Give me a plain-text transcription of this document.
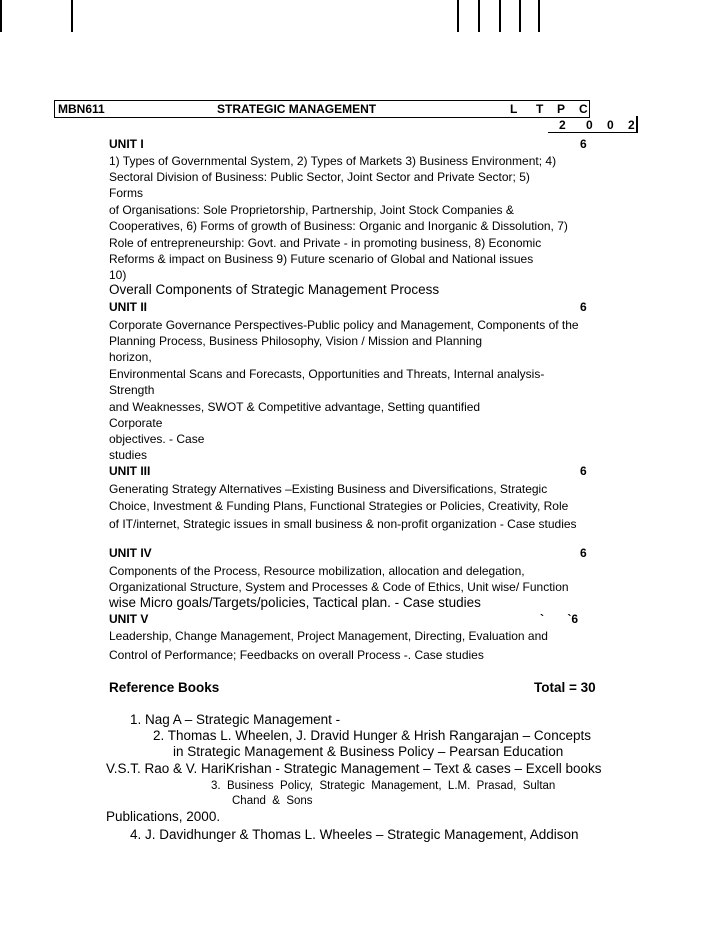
MBN611	STRATEGIC MANAGEMENT	L T P C
2 0 0 2
UNIT I	6
1) Types of Governmental System, 2) Types of Markets 3) Business Environment; 4)
Sectoral Division of Business: Public Sector, Joint Sector and Private Sector; 5)
Forms
of Organisations: Sole Proprietorship, Partnership, Joint Stock Companies &
Cooperatives, 6) Forms of growth of Business: Organic and Inorganic & Dissolution, 7)
Role of entrepreneurship: Govt. and Private - in promoting business, 8) Economic
Reforms & impact on Business 9) Future scenario of Global and National issues
10)
Overall Components of Strategic Management Process
UNIT II	6
Corporate Governance Perspectives-Public policy and Management, Components of the
Planning Process, Business Philosophy, Vision / Mission and Planning
horizon,
Environmental Scans and Forecasts, Opportunities and Threats, Internal analysis-
Strength
and Weaknesses, SWOT & Competitive advantage, Setting quantified
Corporate
objectives. - Case
studies
UNIT III	6
Generating Strategy Alternatives –Existing Business and Diversifications, Strategic
Choice, Investment & Funding Plans, Functional Strategies or Policies, Creativity, Role
of IT/internet, Strategic issues in small business & non-profit organization - Case studies
UNIT IV	6
Components of the Process, Resource mobilization, allocation and delegation,
Organizational Structure, System and Processes & Code of Ethics, Unit wise/ Function
wise Micro goals/Targets/policies, Tactical plan. - Case studies
UNIT V	`       `6
Leadership, Change Management, Project Management, Directing, Evaluation and
Control of Performance; Feedbacks on overall Process -. Case studies
Reference Books	Total = 30
1. Nag A – Strategic Management -
2. Thomas L. Wheelen, J. Dravid Hunger & Hrish Rangarajan – Concepts
in Strategic Management & Business Policy – Pearsan Education
V.S.T. Rao & V. HariKrishan - Strategic Management – Text & cases – Excell books
3.  Business  Policy,  Strategic  Management,  L.M.  Prasad,  Sultan
Chand  &  Sons
Publications, 2000.
4. J. Davidhunger & Thomas L. Wheeles – Strategic Management, Addison
